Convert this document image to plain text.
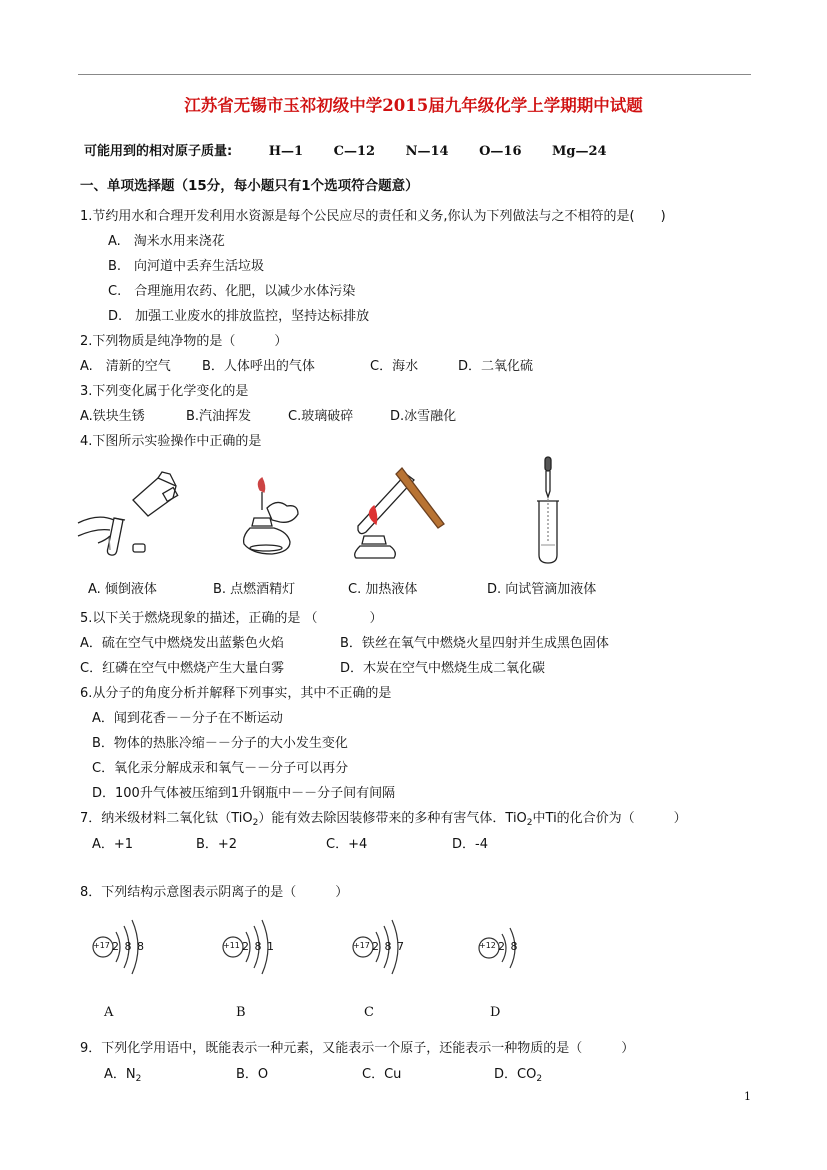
江苏省无锡市玉祁初级中学2015届九年级化学上学期期中试题
可能用到的相对原子质量:	H—1 C—12 N—14 O—16 Mg—24
一、单项选择题（15分，每小题只有1个选项符合题意）
1.节约用水和合理开发利用水资源是每个公民应尽的责任和义务,你认为下列做法与之不相符的是(　　)
A.　淘米水用来浇花
B.　向河道中丢弃生活垃圾
C.　合理施用农药、化肥，以减少水体污染
D.　加强工业废水的排放监控，坚持达标排放
2.下列物质是纯净物的是（　　　）
A.　清新的空气 B．人体呼出的气体	C．海水	D．二氧化硫
3.下列变化属于化学变化的是
A.铁块生锈	B.汽油挥发	C.玻璃破碎	D.冰雪融化
4.下图所示实验操作中正确的是
A. 倾倒液体	B. 点燃酒精灯	C. 加热液体	D. 向试管滴加液体
5.以下关于燃烧现象的描述，正确的是 （　　　　）
A．硫在空气中燃烧发出蓝紫色火焰	B．铁丝在氧气中燃烧火星四射并生成黑色固体
C．红磷在空气中燃烧产生大量白雾	D．木炭在空气中燃烧生成二氧化碳
6.从分子的角度分析并解释下列事实，其中不正确的是
A．闻到花香－－分子在不断运动
B．物体的热胀冷缩－－分子的大小发生变化
C．氧化汞分解成汞和氧气－－分子可以再分
D．100升气体被压缩到1升钢瓶中－－分子间有间隔
7．纳米级材料二氧化钛（TiO$_2$）能有效去除因装修带来的多种有害气体．TiO$_2$中Ti的化合价为（　　　）
A．+1	B．+2	C．+4	D．-4
8．下列结构示意图表示阴离子的是（　　　）
+17 2 8 8	+11 2 8 1	+17 2 8 7	+12 2 8
A	B	C	D
9．下列化学用语中，既能表示一种元素，又能表示一个原子，还能表示一种物质的是（　　　）
A．$N_2$	B．O	C．Cu	D．$CO_2$
1
